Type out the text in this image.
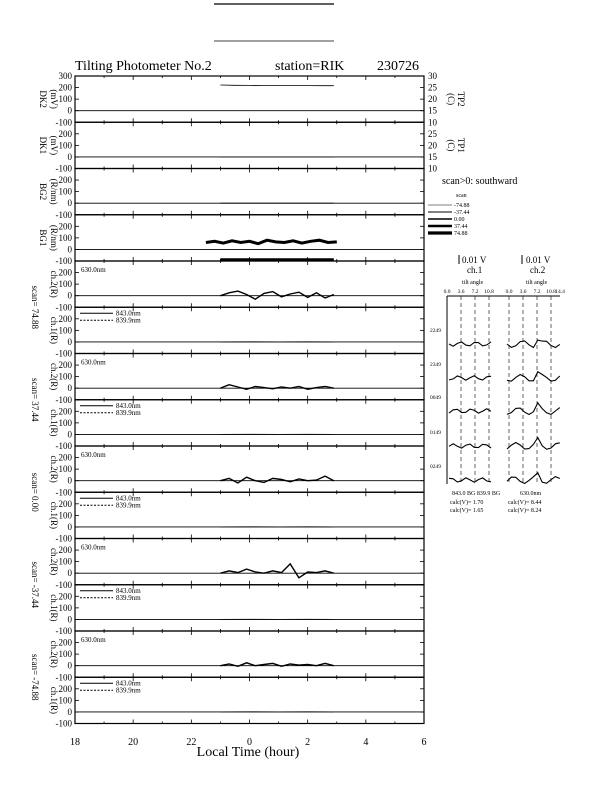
Tilting Photometer No.2	station=RIK 230726
-100
0
100
200
300
DK2 (mV)
10
15
20
25
30
TP2
(C)
-100
0
100
200
DK1 (mV)
10
15
20
25
TP1
(C)
-100
0
100
200
BG2 (R/nm)
-100
0
100
200
BG1 (R/nm)
-100
0
100
200
ch.2(R)
630.0nm
scan= 74.88
-100
0
100
200
ch.1(R)
843.0nm
839.9nm
-100
0
100
200
ch.2(R)
630.0nm
scan= 37.44
-100
0
100
200
ch.1(R)
843.0nm
839.9nm
-100
0
100
200
ch.2(R)
630.0nm
scan= 0.00
-100
0
100
200
ch.1(R)
843.0nm
839.9nm
-100
0
100
200
ch.2(R)
630.0nm
scan= -37.44
-100
0
100
200
ch.1(R)
843.0nm
839.9nm
-100
0
100
200
ch.2(R)
630.0nm
scan= -74.88
-100
0
100
200
ch.1(R)
843.0nm
839.9nm
18	20	22	0	2	4	6
Local Time (hour)
scan>0: southward
scan
-74.88
-37.44
0.00
37.44
74.88
0.01 V	0.01 V
ch.1	ch.2
tilt angle	tilt angle
0.0 3.6 7.2 10.8 0.0 3.6 7.2 10.8 14.4
2249
2349
0049
0149
0249
843.0 BG 839.9 BG	630.0nm
calc(V)= 1.70
calc(V)= 1.65
calc(V)= 8.44
calc(V)= 8.24
